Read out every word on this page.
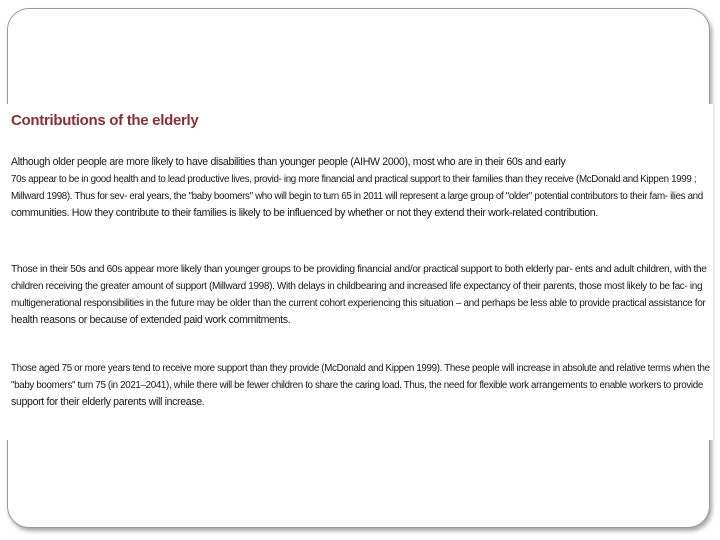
Contributions of the elderly
Although older people are more likely to have disabilities than younger people (AIHW 2000), most who are in their 60s and early
70s appear to be in good health and to lead productive lives, provid- ing more financial and practical support to their families than they receive (McDonald and Kippen 1999 ;
Millward 1998). Thus for sev- eral years, the "baby boomers" who will begin to turn 65 in 2011 will represent a large group of "older" potential contributors to their fam- ilies and
communities. How they contribute to their families is likely to be influenced by whether or not they extend their work-related contribution.
Those in their 50s and 60s appear more likely than younger groups to be providing financial and/or practical support to both elderly par- ents and adult children, with the
children receiving the greater amount of support (Millward 1998). With delays in childbearing and increased life expectancy of their parents, those most likely to be fac- ing
multigenerational responsibilities in the future may be older than the current cohort experiencing this situation – and perhaps be less able to provide practical assistance for
health reasons or because of extended paid work commitments.
Those aged 75 or more years tend to receive more support than they provide (McDonald and Kippen 1999). These people will increase in absolute and relative terms when the
"baby boomers" turn 75 (in 2021–2041), while there will be fewer children to share the caring load. Thus, the need for flexible work arrangements to enable workers to provide
support for their elderly parents will increase.
